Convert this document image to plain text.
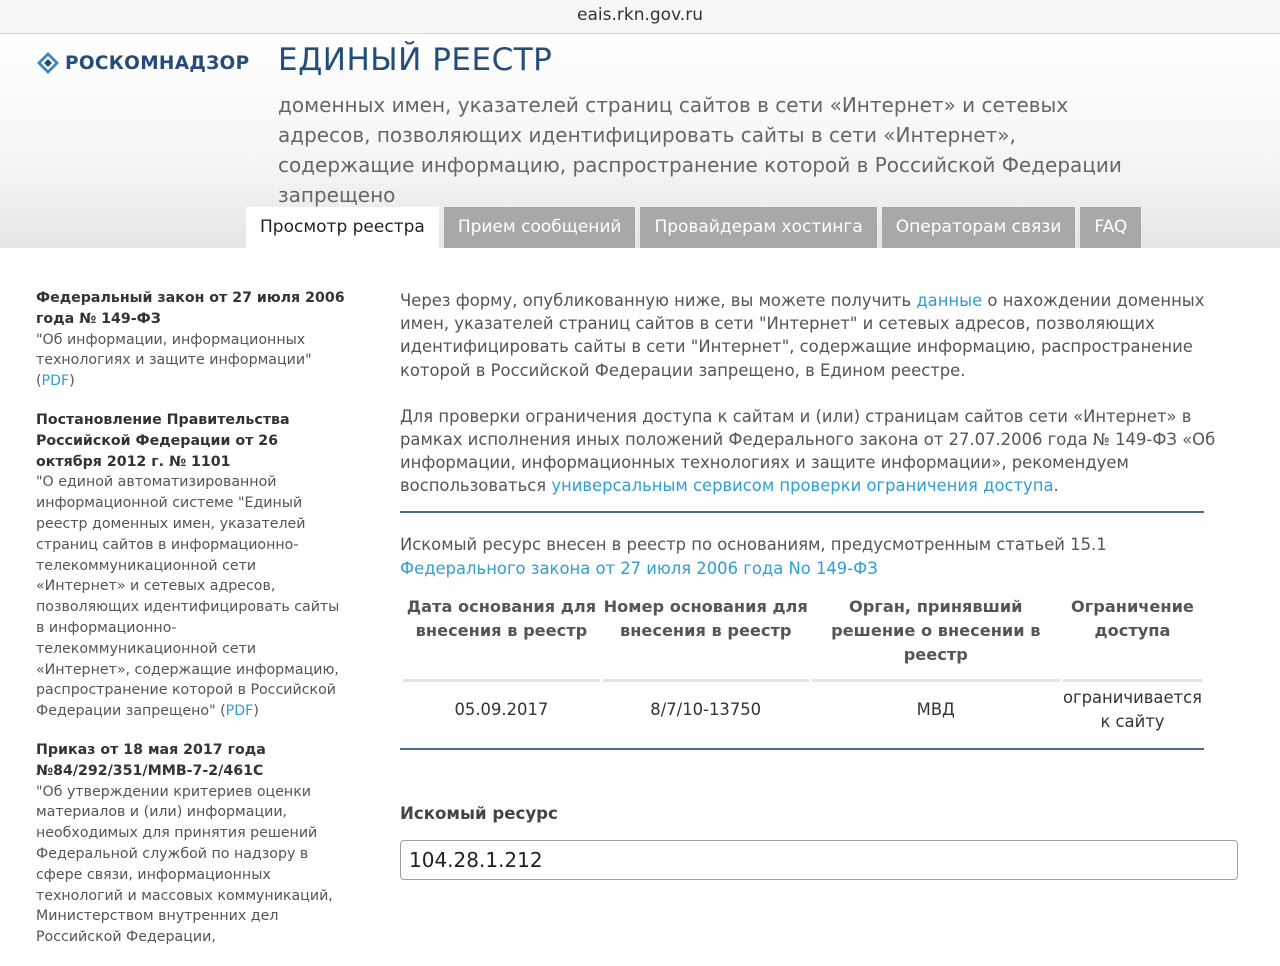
eais.rkn.gov.ru
РОСКОМНАДЗОР ЕДИНЫЙ РЕЕСТР
доменных имен, указателей страниц сайтов в сети «Интернет» и сетевых адресов, позволяющих идентифицировать сайты в сети «Интернет», содержащие информацию, распространение которой в Российской Федерации запрещено
Просмотр реестра	Прием сообщений	Провайдерам хостинга	Операторам связи	FAQ
Федеральный закон от 27 июля 2006 года № 149-ФЗ
"Об информации, информационных технологиях и защите информации" (PDF)
Постановление Правительства Российской Федерации от 26 октября 2012 г. № 1101
"О единой автоматизированной информационной системе "Единый реестр доменных имен, указателей страниц сайтов в информационно-телекоммуникационной сети «Интернет» и сетевых адресов, позволяющих идентифицировать сайты в информационно-телекоммуникационной сети «Интернет», содержащие информацию, распространение которой в Российской Федерации запрещено" (PDF)
Приказ от 18 мая 2017 года №84/292/351/ММВ-7-2/461С
"Об утверждении критериев оценки материалов и (или) информации, необходимых для принятия решений Федеральной службой по надзору в сфере связи, информационных технологий и массовых коммуникаций, Министерством внутренних дел Российской Федерации,

Через форму, опубликованную ниже, вы можете получить данные о нахождении доменных имен, указателей страниц сайтов в сети "Интернет" и сетевых адресов, позволяющих идентифицировать сайты в сети "Интернет", содержащие информацию, распространение которой в Российской Федерации запрещено, в Едином реестре.

Для проверки ограничения доступа к сайтам и (или) страницам сайтов сети «Интернет» в рамках исполнения иных положений Федерального закона от 27.07.2006 года № 149-ФЗ «Об информации, информационных технологиях и защите информации», рекомендуем воспользоваться универсальным сервисом проверки ограничения доступа.

Искомый ресурс внесен в реестр по основаниям, предусмотренным статьей 15.1
Федерального закона от 27 июля 2006 года No 149-ФЗ
Дата основания для внесения в реестр	Номер основания для внесения в реестр	Орган, принявший решение о внесении в реестр	Ограничение доступа
05.09.2017	8/7/10-13750	МВД	ограничивается к сайту
Искомый ресурс
104.28.1.212
